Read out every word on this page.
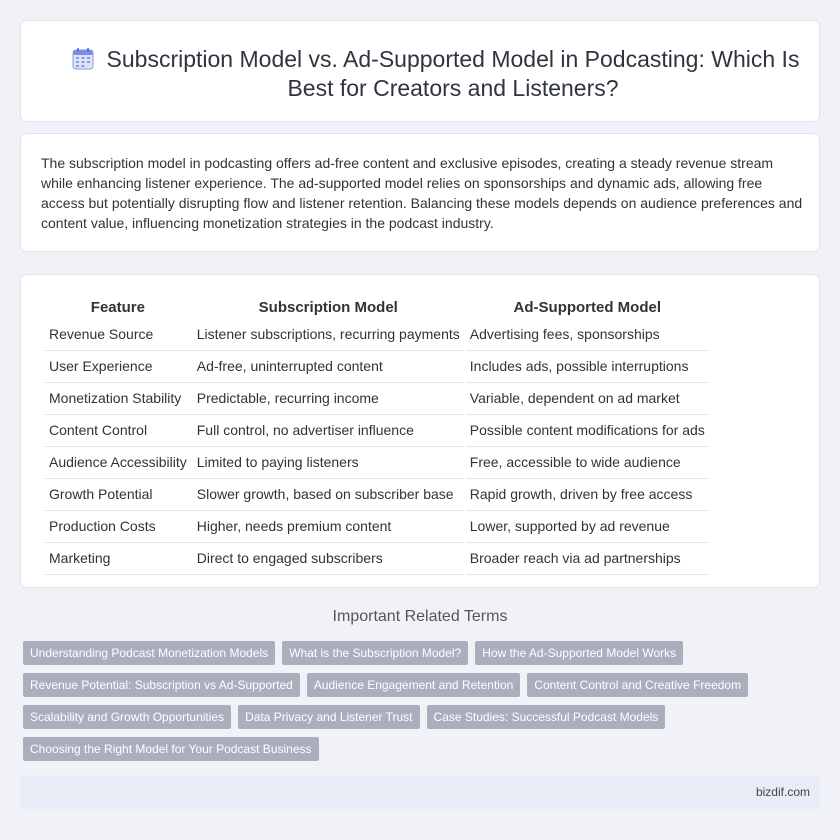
Subscription Model vs. Ad-Supported Model in Podcasting: Which Is Best for Creators and Listeners?

The subscription model in podcasting offers ad-free content and exclusive episodes, creating a steady revenue stream while enhancing listener experience. The ad-supported model relies on sponsorships and dynamic ads, allowing free access but potentially disrupting flow and listener retention. Balancing these models depends on audience preferences and content value, influencing monetization strategies in the podcast industry.

Feature	Subscription Model	Ad-Supported Model
Revenue Source	Listener subscriptions, recurring payments	Advertising fees, sponsorships
User Experience	Ad-free, uninterrupted content	Includes ads, possible interruptions
Monetization Stability	Predictable, recurring income	Variable, dependent on ad market
Content Control	Full control, no advertiser influence	Possible content modifications for ads
Audience Accessibility	Limited to paying listeners	Free, accessible to wide audience
Growth Potential	Slower growth, based on subscriber base	Rapid growth, driven by free access
Production Costs	Higher, needs premium content	Lower, supported by ad revenue
Marketing	Direct to engaged subscribers	Broader reach via ad partnerships
Important Related Terms
Understanding Podcast Monetization Models	What is the Subscription Model?	How the Ad-Supported Model Works
Revenue Potential: Subscription vs Ad-Supported	Audience Engagement and Retention	Content Control and Creative Freedom
Scalability and Growth Opportunities	Data Privacy and Listener Trust	Case Studies: Successful Podcast Models
Choosing the Right Model for Your Podcast Business
bizdif.com
